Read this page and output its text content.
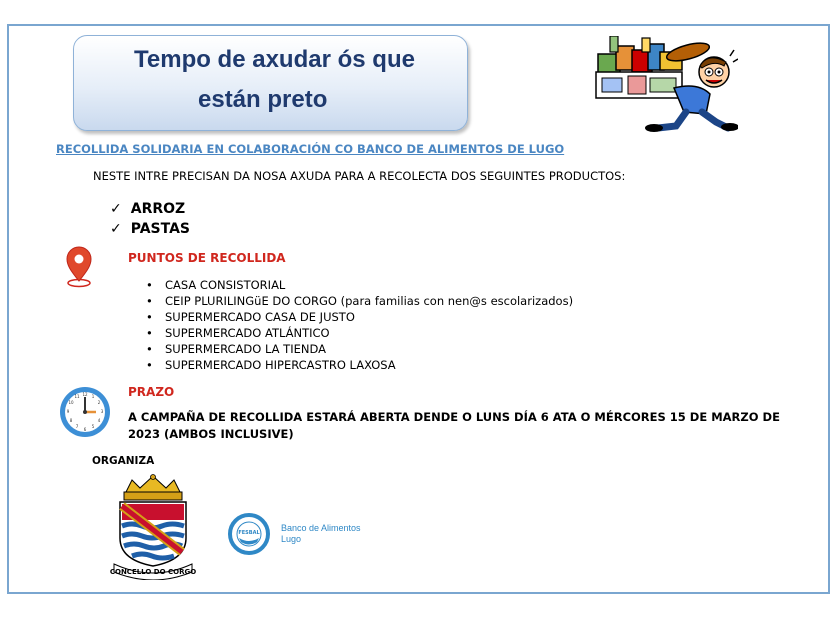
Tempo de axudar ós que
están preto
RECOLLIDA SOLIDARIA EN COLABORACIÓN CO BANCO DE ALIMENTOS DE LUGO
NESTE INTRE PRECISAN DA NOSA AXUDA PARA A RECOLECTA DOS SEGUINTES PRODUCTOS:
✓ ARROZ
✓ PASTAS
PUNTOS DE RECOLLIDA
• CASA CONSISTORIAL
• CEIP PLURILINGüE DO CORGO (para familias con nen@s escolarizados)
• SUPERMERCADO CASA DE JUSTO
• SUPERMERCADO ATLÁNTICO
• SUPERMERCADO LA TIENDA
• SUPERMERCADO HIPERCASTRO LAXOSA
12 1
2
3
4
5
6
7
8
9
10
11	PRAZO
A CAMPAÑA DE RECOLLIDA ESTARÁ ABERTA DENDE O LUNS DÍA 6 ATA O MÉRCORES 15 DE MARZO DE 2023 (AMBOS INCLUSIVE)
ORGANIZA
CONCELLO DO CORGO
FESBAL Banco de Alimentos
Lugo
